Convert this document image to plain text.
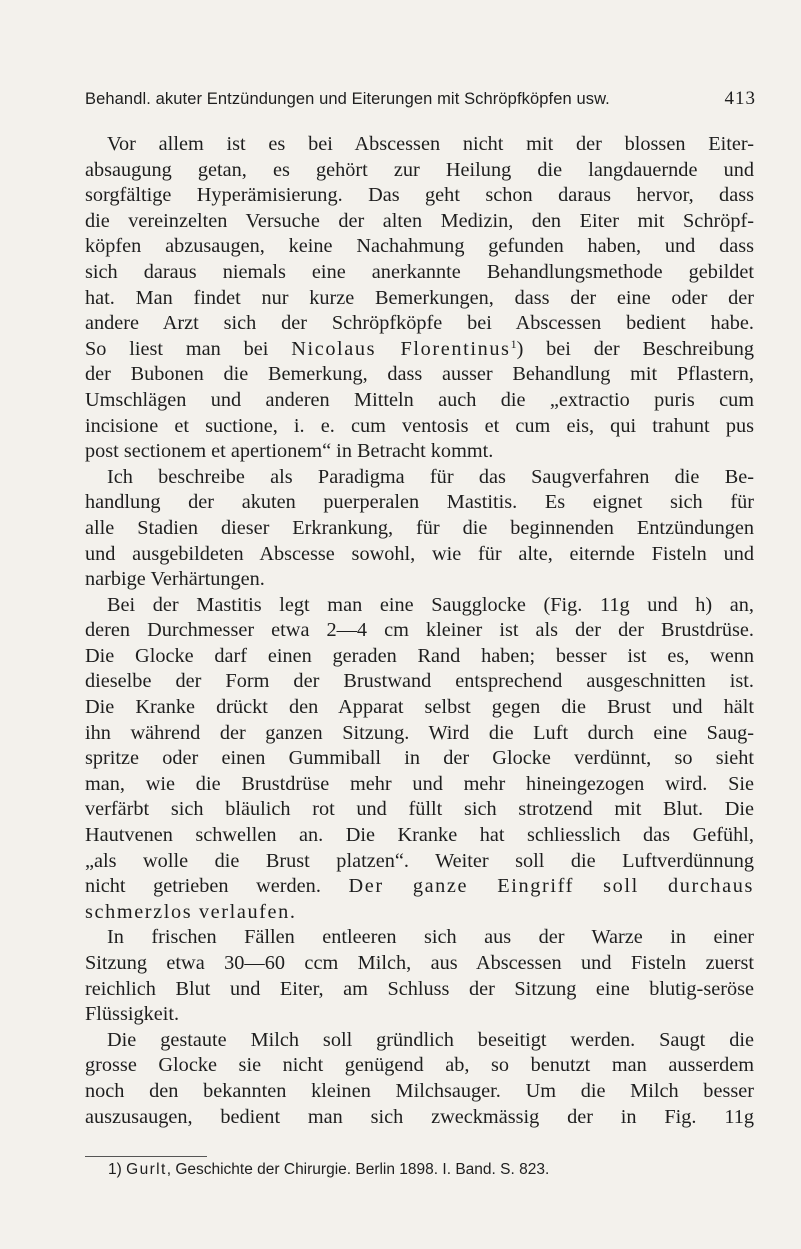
Behandl. akuter Entzündungen und Eiterungen mit Schröpfköpfen usw.	413
Vor allem ist es bei Abscessen nicht mit der blossen Eiter-
absaugung getan, es gehört zur Heilung die langdauernde und
sorgfältige Hyperämisierung. Das geht schon daraus hervor, dass
die vereinzelten Versuche der alten Medizin, den Eiter mit Schröpf-
köpfen abzusaugen, keine Nachahmung gefunden haben, und dass
sich daraus niemals eine anerkannte Behandlungsmethode gebildet
hat. Man findet nur kurze Bemerkungen, dass der eine oder der
andere Arzt sich der Schröpfköpfe bei Abscessen bedient habe.
So liest man bei Nicolaus Florentinus$^1$) bei der Beschreibung
der Bubonen die Bemerkung, dass ausser Behandlung mit Pflastern,
Umschlägen und anderen Mitteln auch die „extractio puris cum
incisione et suctione, i. e. cum ventosis et cum eis, qui trahunt pus
post sectionem et apertionem“ in Betracht kommt.
Ich beschreibe als Paradigma für das Saugverfahren die Be-
handlung der akuten puerperalen Mastitis. Es eignet sich für
alle Stadien dieser Erkrankung, für die beginnenden Entzündungen
und ausgebildeten Abscesse sowohl, wie für alte, eiternde Fisteln und
narbige Verhärtungen.
Bei der Mastitis legt man eine Saugglocke (Fig. 11g und h) an,
deren Durchmesser etwa 2—4 cm kleiner ist als der der Brustdrüse.
Die Glocke darf einen geraden Rand haben; besser ist es, wenn
dieselbe der Form der Brustwand entsprechend ausgeschnitten ist.
Die Kranke drückt den Apparat selbst gegen die Brust und hält
ihn während der ganzen Sitzung. Wird die Luft durch eine Saug-
spritze oder einen Gummiball in der Glocke verdünnt, so sieht
man, wie die Brustdrüse mehr und mehr hineingezogen wird. Sie
verfärbt sich bläulich rot und füllt sich strotzend mit Blut. Die
Hautvenen schwellen an. Die Kranke hat schliesslich das Gefühl,
„als wolle die Brust platzen“. Weiter soll die Luftverdünnung
nicht getrieben werden. Der ganze Eingriff soll durchaus
schmerzlos verlaufen.
In frischen Fällen entleeren sich aus der Warze in einer
Sitzung etwa 30—60 ccm Milch, aus Abscessen und Fisteln zuerst
reichlich Blut und Eiter, am Schluss der Sitzung eine blutig-seröse
Flüssigkeit.
Die gestaute Milch soll gründlich beseitigt werden. Saugt die
grosse Glocke sie nicht genügend ab, so benutzt man ausserdem
noch den bekannten kleinen Milchsauger. Um die Milch besser
auszusaugen, bedient man sich zweckmässig der in Fig. 11g
1) Gurlt, Geschichte der Chirurgie. Berlin 1898. I. Band. S. 823.
